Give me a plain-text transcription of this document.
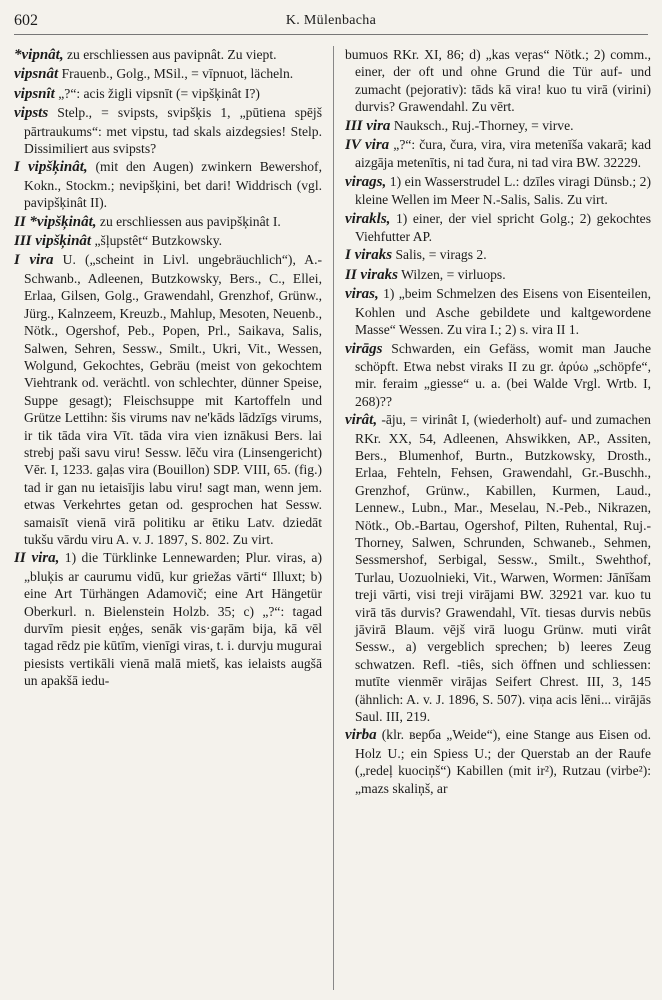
602	K. Mülenbacha

*vipnât, zu erschliessen aus pavipnât. Zu viept.

vipsnât Frauenb., Golg., MSil., = vīpnuot, lächeln.

vipsnît „?“: acis žigli vipsnīt (= vipšķinât I?)

vipsts Stelp., = svipsts, svipšķis 1, „pūtiena spējš pārtraukums“: met vipstu, tad skals aizdegsies! Stelp. Dissimiliert aus svipsts?

I vipšķinât, (mit den Augen) zwinkern Bewershof, Kokn., Stockm.; nevipšķini, bet dari! Widdrisch (vgl. pavipšķinât II).

II *vipšķinât, zu erschliessen aus pavipšķinât I.

III vipšķinât „šļupstêt“ Butzkowsky.

I vira U. („scheint in Livl. ungebräuchlich“), A.-Schwanb., Adleenen, Butzkowsky, Bers., C., Ellei, Erlaa, Gilsen, Golg., Grawendahl, Grenzhof, Grünw., Jürg., Kalnzeem, Kreuzb., Mahlup, Mesoten, Neuenb., Nötk., Ogershof, Peb., Popen, Prl., Saikava, Salis, Salwen, Sehren, Sessw., Smilt., Ukri, Vit., Wessen, Wolgund, Gekochtes, Gebräu (meist von gekochtem Viehtrank od. verächtl. von schlechter, dünner Speise, Suppe gesagt); Fleischsuppe mit Kartoffeln und Grütze Lettihn: šis virums nav ne'kāds lādzīgs virums, ir tik tāda vira Vīt. tāda vira vien iznākusi Bers. lai strebj paši savu viru! Sessw. lēču vira (Linsengericht) Vēr. I, 1233. gaļas vira (Bouillon) SDP. VIII, 65. (fig.) tad ir gan nu ietaisījis labu viru! sagt man, wenn jem. etwas Verkehrtes getan od. gesprochen hat Sessw. samaisīt vienā virā politiku ar ētiku Latv. dziedāt tukšu vārdu viru A. v. J. 1897, S. 802. Zu virt.

II vira, 1) die Türklinke Lennewarden; Plur. viras, a) „bluķis ar caurumu vidū, kur griežas vārti“ Illuxt; b) eine Art Türhängen Adamovič; eine Art Hängetür Oberkurl. n. Bielenstein Holzb. 35; c) „?“: tagad durvīm piesit eņģes, senāk vis·gaŗām bija, kā vēl tagad rēdz pie kūtīm, vienīgi viras, t. i. durvju mugurai piesists vertikāli vienā malā mietš, kas ielaists augšā un apakšā iedu-

bumuos RKr. XI, 86; d) „kas veŗas“ Nötk.; 2) comm., einer, der oft und ohne Grund die Tür auf- und zumacht (pejorativ): tāds kā vira! kuo tu virā (virini) durvis? Grawendahl. Zu vērt.

III vira Nauksch., Ruj.-Thorney, = virve.

IV vira „?“: čura, čura, vira, vira metenīša vakarā; kad aizgāja metenītis, ni tad čura, ni tad vira BW. 32229.

virags, 1) ein Wasserstrudel L.: dzīles viragi Dünsb.; 2) kleine Wellen im Meer N.-Salis, Salis. Zu virt.

virakls, 1) einer, der viel spricht Golg.; 2) gekochtes Viehfutter AP.

I viraks Salis, = virags 2.

II viraks Wilzen, = virluops.

viras, 1) „beim Schmelzen des Eisens von Eisenteilen, Kohlen und Asche gebildete und kaltgewordene Masse“ Wessen. Zu vira I.; 2) s. vira II 1.

virāgs Schwarden, ein Gefäss, womit man Jauche schöpft. Etwa nebst viraks II zu gr. ἀρύω „schöpfe“, mir. feraim „giesse“ u. a. (bei Walde Vrgl. Wrtb. I, 268)??

virât, -āju, = virinât I, (wiederholt) auf- und zumachen RKr. XX, 54, Adleenen, Ahswikken, AP., Assiten, Bers., Blumenhof, Burtn., Butzkowsky, Drosth., Erlaa, Fehteln, Fehsen, Grawendahl, Gr.-Buschh., Grenzhof, Grünw., Kabillen, Kurmen, Laud., Lennew., Lubn., Mar., Meselau, N.-Peb., Nikrazen, Nötk., Ob.-Bartau, Ogershof, Pilten, Ruhental, Ruj.-Thorney, Salwen, Schrunden, Schwaneb., Sehmen, Sessmershof, Serbigal, Sessw., Smilt., Swehthof, Turlau, Uozuolnieki, Vit., Warwen, Wormen: Jānīšam treji vārti, visi treji virājami BW. 32921 var. kuo tu virā tās durvis? Grawendahl, Vīt. tiesas durvis nebūs jāvirā Blaum. vējš virā luogu Grünw. muti virât Sessw., a) vergeblich sprechen; b) leeres Zeug schwatzen. Refl. -tiês, sich öffnen und schliessen: mutīte vienmēr virājas Seifert Chrest. III, 3, 145 (ähnlich: A. v. J. 1896, S. 507). viņa acis lēni... virājās Saul. III, 219.

virba (klr. верба „Weide“), eine Stange aus Eisen od. Holz U.; ein Spiess U.; der Querstab an der Raufe („redeļ kuociņš“) Kabillen (mit ir²), Rutzau (virbe²): „mazs skaliņš, ar
